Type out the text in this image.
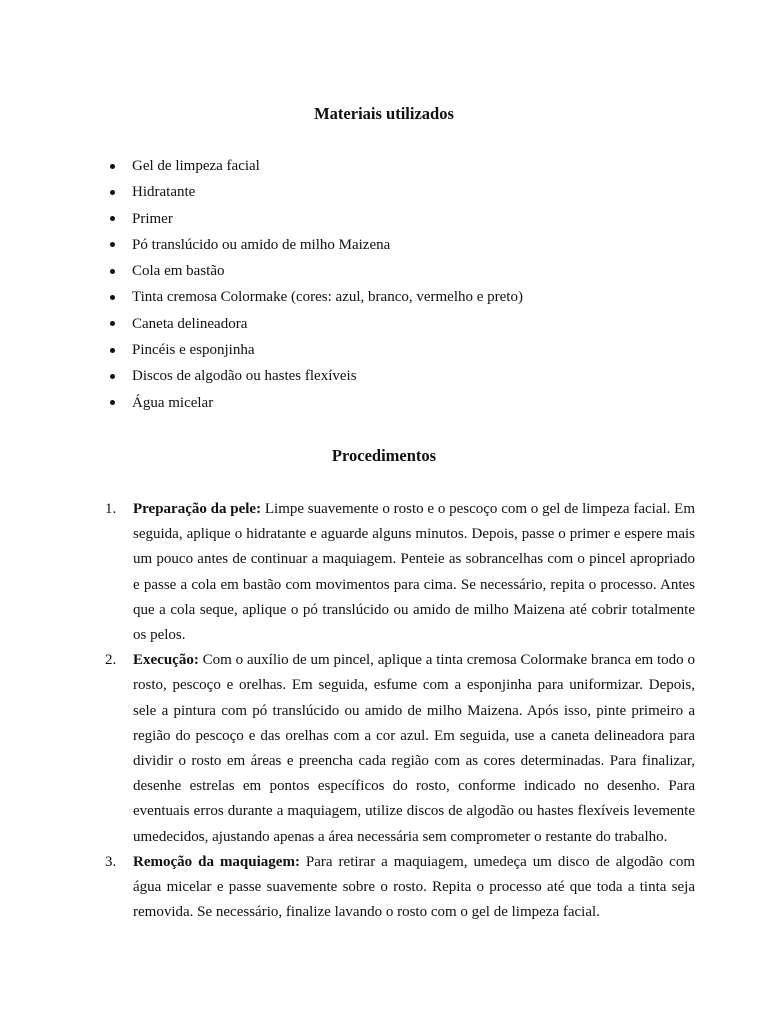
Materiais utilizados
Gel de limpeza facial
Hidratante
Primer
Pó translúcido ou amido de milho Maizena
Cola em bastão
Tinta cremosa Colormake (cores: azul, branco, vermelho e preto)
Caneta delineadora
Pincéis e esponjinha
Discos de algodão ou hastes flexíveis
Água micelar
Procedimentos
1. Preparação da pele: Limpe suavemente o rosto e o pescoço com o gel de limpeza facial. Em seguida, aplique o hidratante e aguarde alguns minutos. Depois, passe o primer e espere mais um pouco antes de continuar a maquiagem. Penteie as sobrancelhas com o pincel apropriado e passe a cola em bastão com movimentos para cima. Se necessário, repita o processo. Antes que a cola seque, aplique o pó translúcido ou amido de milho Maizena até cobrir totalmente os pelos.
2. Execução: Com o auxílio de um pincel, aplique a tinta cremosa Colormake branca em todo o rosto, pescoço e orelhas. Em seguida, esfume com a esponjinha para uniformizar. Depois, sele a pintura com pó translúcido ou amido de milho Maizena. Após isso, pinte primeiro a região do pescoço e das orelhas com a cor azul. Em seguida, use a caneta delineadora para dividir o rosto em áreas e preencha cada região com as cores determinadas. Para finalizar, desenhe estrelas em pontos específicos do rosto, conforme indicado no desenho. Para eventuais erros durante a maquiagem, utilize discos de algodão ou hastes flexíveis levemente umedecidos, ajustando apenas a área necessária sem comprometer o restante do trabalho.
3. Remoção da maquiagem: Para retirar a maquiagem, umedeça um disco de algodão com água micelar e passe suavemente sobre o rosto. Repita o processo até que toda a tinta seja removida. Se necessário, finalize lavando o rosto com o gel de limpeza facial.
